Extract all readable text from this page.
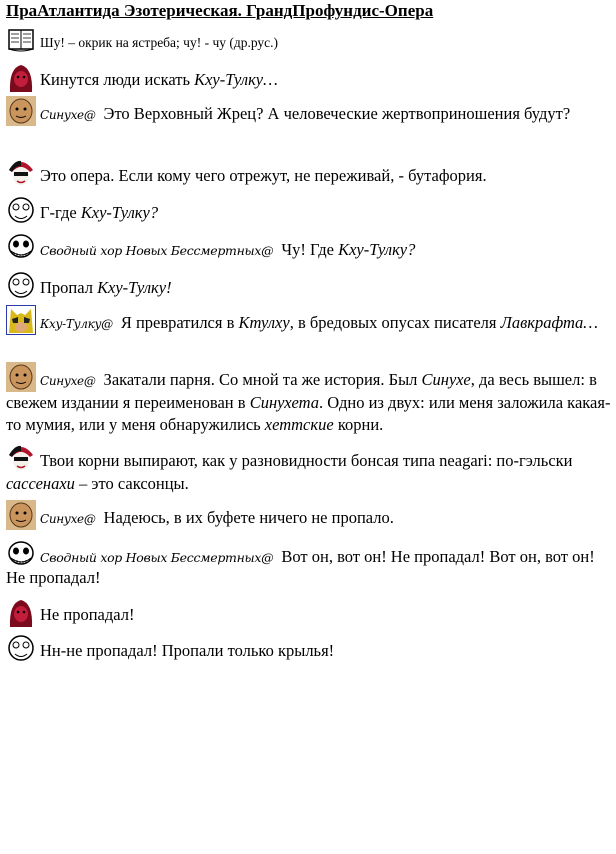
ПраАтлантида Эзотерическая. ГрандПрофундис-Опера
Шу! – окрик на ястреба; чу! - чу (др.рус.)
Кинутся люди искать Кху-Тулку…
Синухе@ Это Верховный Жрец? А человеческие жертвоприношения будут?
Это опера. Если кому чего отрежут, не переживай, - бутафория.
Г-где Кху-Тулку?
Сводный хор Новых Бессмертных@ Чу! Где Кху-Тулку?
Пропал Кху-Тулку!
Кху-Тулку@ Я превратился в Ктулху, в бредовых опусах писателя Лавкрафта…
Синухе@ Закатали парня. Со мной та же история. Был Синухе, да весь вышел: в свежем издании я переименован в Синухета. Одно из двух: или меня заложила какая-то мумия, или у меня обнаружились хеттские корни.
Твои корни выпирают, как у разновидности бонсая типа neagari: по-гэльски сассенахи – это саксонцы.
Синухе@ Надеюсь, в их буфете ничего не пропало.
Сводный хор Новых Бессмертных@ Вот он, вот он! Не пропадал! Вот он, вот он!
Не пропадал!
Не пропадал!
Нн-не пропадал! Пропали только крылья!
